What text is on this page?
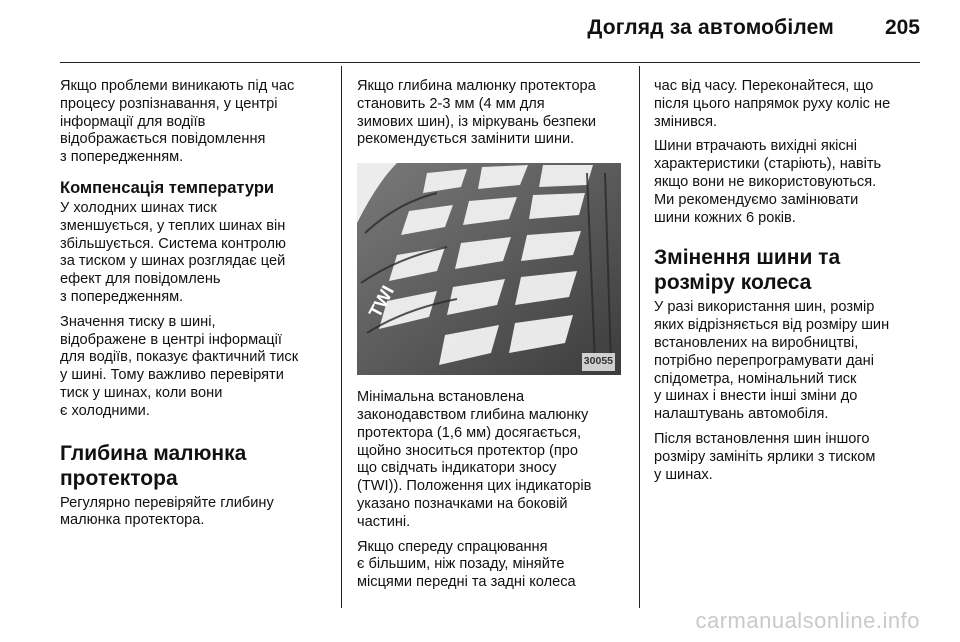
Догляд за автомобілем 205

Якщо проблеми виникають під час
процесу розпізнавання, у центрі
інформації для водіїв
відображається повідомлення
з попередженням.

Компенсація температури

У холодних шинах тиск
зменшується, у теплих шинах він
збільшується. Система контролю
за тиском у шинах розглядає цей
ефект для повідомлень
з попередженням.

Значення тиску в шині,
відображене в центрі інформації
для водіїв, показує фактичний тиск
у шині. Тому важливо перевіряти
тиск у шинах, коли вони
є холодними.

Глибина малюнка
протектора

Регулярно перевіряйте глибину
малюнка протектора.

Якщо глибина малюнку протектора
становить 2-3 мм (4 мм для
зимових шин), із міркувань безпеки
рекомендується замінити шини.

TWI
30055

Мінімальна встановлена
законодавством глибина малюнку
протектора (1,6 мм) досягається,
щойно зноситься протектор (про
що свідчать індикатори зносу
(TWI)). Положення цих індикаторів
указано позначками на боковій
частині.

Якщо спереду спрацювання
є більшим, ніж позаду, міняйте
місцями передні та задні колеса

час від часу. Переконайтеся, що
після цього напрямок руху коліс не
змінився.

Шини втрачають вихідні якісні
характеристики (старіють), навіть
якщо вони не використовуються.
Ми рекомендуємо замінювати
шини кожних 6 років.

Змінення шини та
розміру колеса

У разі використання шин, розмір
яких відрізняється від розміру шин
встановлених на виробництві,
потрібно перепрограмувати дані
спідометра, номінальний тиск
у шинах і внести інші зміни до
налаштувань автомобіля.

Після встановлення шин іншого
розміру замініть ярлики з тиском
у шинах.

carmanualsonline.info
